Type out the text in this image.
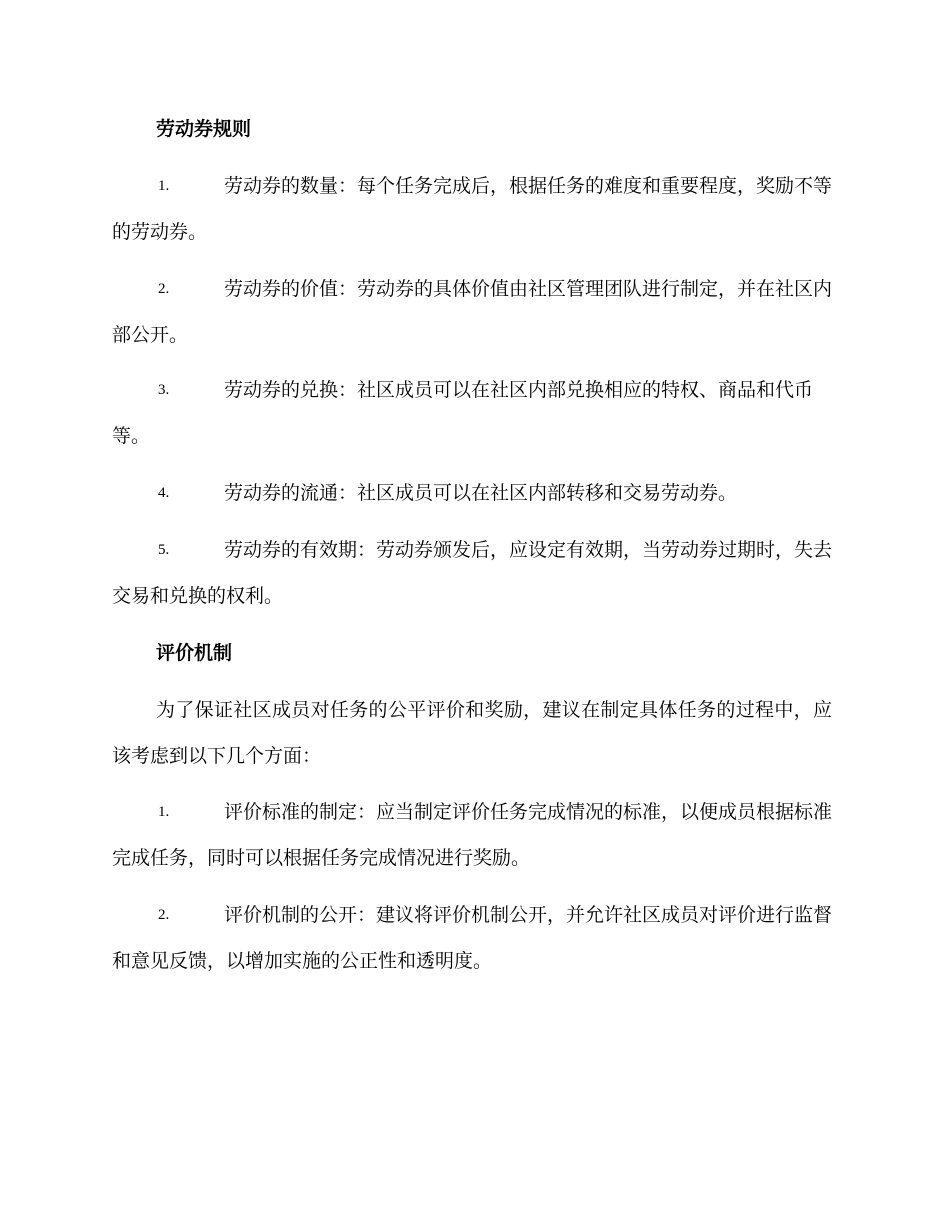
劳动券规则

1.	劳动券的数量：每个任务完成后，根据任务的难度和重要程度，奖励不等的劳动券。

2.	劳动券的价值：劳动券的具体价值由社区管理团队进行制定，并在社区内部公开。

3.	劳动券的兑换：社区成员可以在社区内部兑换相应的特权、商品和代币等。

4.	劳动券的流通：社区成员可以在社区内部转移和交易劳动券。

5.	劳动券的有效期：劳动券颁发后，应设定有效期，当劳动券过期时，失去交易和兑换的权利。

评价机制

为了保证社区成员对任务的公平评价和奖励，建议在制定具体任务的过程中，应该考虑到以下几个方面：

1.	评价标准的制定：应当制定评价任务完成情况的标准，以便成员根据标准完成任务，同时可以根据任务完成情况进行奖励。

2.	评价机制的公开：建议将评价机制公开，并允许社区成员对评价进行监督和意见反馈，以增加实施的公正性和透明度。
